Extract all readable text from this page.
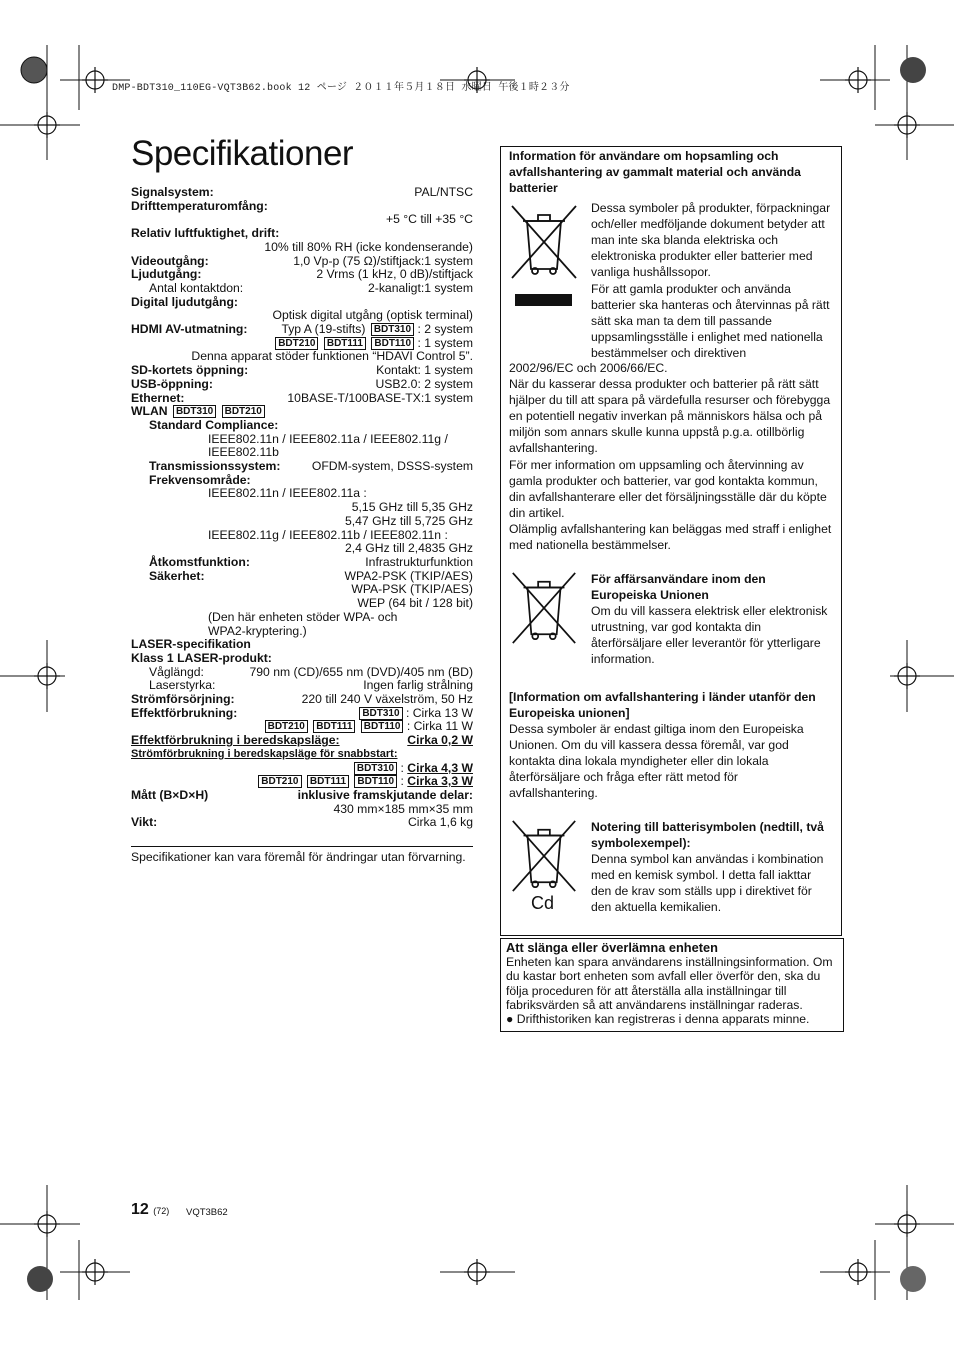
DMP-BDT310_110EG-VQT3B62.book 12 ページ ２０１１年５月１８日 水曜日 午後１時２３分
Specifikationer
Signalsystem:	PAL/NTSC
Drifttemperaturomfång:
+5 °C till +35 °C
Relativ luftfuktighet, drift:
10% till 80% RH (icke kondenserande)
Videoutgång:	1,0 Vp-p (75 Ω)/stiftjack:1 system
Ljudutgång:	2 Vrms (1 kHz, 0 dB)/stiftjack
Antal kontaktdon:	2-kanaligt:1 system
Digital ljudutgång:
Optisk digital utgång (optisk terminal)
HDMI AV-utmatning:	Typ A (19-stifts) BDT310 : 2 system
BDT210 BDT111 BDT110 : 1 system
Denna apparat stöder funktionen “HDAVI Control 5”.
SD-kortets öppning:	Kontakt: 1 system
USB-öppning:	USB2.0: 2 system
Ethernet:	10BASE-T/100BASE-TX:1 system
WLAN BDT310 BDT210
Standard Compliance:
IEEE802.11n / IEEE802.11a / IEEE802.11g /
IEEE802.11b
Transmissionssystem:	OFDM-system, DSSS-system
Frekvensområde:
IEEE802.11n / IEEE802.11a :
5,15 GHz till 5,35 GHz
5,47 GHz till 5,725 GHz
IEEE802.11g / IEEE802.11b / IEEE802.11n :
2,4 GHz till 2,4835 GHz
Åtkomstfunktion:	Infrastrukturfunktion
Säkerhet:	WPA2-PSK (TKIP/AES)
WPA-PSK (TKIP/AES)
WEP (64 bit / 128 bit)
(Den här enheten stöder WPA- och
WPA2-kryptering.)
LASER-specifikation
Klass 1 LASER-produkt:
Våglängd:	790 nm (CD)/655 nm (DVD)/405 nm (BD)
Laserstyrka:	Ingen farlig strålning
Strömförsörjning:	220 till 240 V växelström, 50 Hz
Effektförbrukning:	BDT310 : Cirka 13 W
BDT210 BDT111 BDT110 : Cirka 11 W
Effektförbrukning i beredskapsläge:	Cirka 0,2 W
Strömförbrukning i beredskapsläge för snabbstart:
BDT310 : Cirka 4,3 W
BDT210 BDT111 BDT110 : Cirka 3,3 W
Mått (B×D×H)	inklusive framskjutande delar:
430 mm×185 mm×35 mm
Vikt:	Cirka 1,6 kg
Specifikationer kan vara föremål för ändringar utan förvarning.
Information för användare om hopsamling och avfallshantering av gammalt material och använda batterier
Dessa symboler på produkter, förpackningar och/eller medföljande dokument betyder att man inte ska blanda elektriska och elektroniska produkter eller batterier med vanliga hushållssopor.
För att gamla produkter och använda batterier ska hanteras och återvinnas på rätt sätt ska man ta dem till passande uppsamlingsställe i enlighet med nationella bestämmelser och direktiven
2002/96/EC och 2006/66/EC.
När du kasserar dessa produkter och batterier på rätt sätt hjälper du till att spara på värdefulla resurser och förebygga en potentiell negativ inverkan på människors hälsa och på miljön som annars skulle kunna uppstå p.g.a. otillbörlig avfallshantering.
För mer information om uppsamling och återvinning av gamla produkter och batterier, var god kontakta kommun, din avfallshanterare eller det försäljningsställe där du köpte din artikel.
Olämplig avfallshantering kan beläggas med straff i enlighet med nationella bestämmelser.
För affärsanvändare inom den Europeiska Unionen
Om du vill kassera elektrisk eller elektronisk utrustning, var god kontakta din återförsäljare eller leverantör för ytterligare information.
[Information om avfallshantering i länder utanför den Europeiska unionen]
Dessa symboler är endast giltiga inom den Europeiska Unionen. Om du vill kassera dessa föremål, var god kontakta dina lokala myndigheter eller din lokala återförsäljare och fråga efter rätt metod för avfallshantering.
Cd
Notering till batterisymbolen (nedtill, två symbolexempel):
Denna symbol kan användas i kombination med en kemisk symbol. I detta fall iakttar den de krav som ställs upp i direktivet för den aktuella kemikalien.
Att slänga eller överlämna enheten
Enheten kan spara användarens inställningsinformation. Om du kastar bort enheten som avfall eller överför den, ska du följa proceduren för att återställa alla inställningar till fabriksvärden så att användarens inställningar raderas.
● Drifthistoriken kan registreras i denna apparats minne.
12 (72) VQT3B62
